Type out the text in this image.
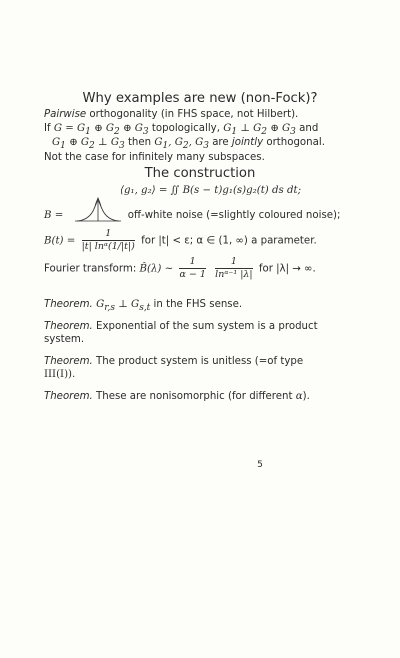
Why examples are new (non-Fock)?
Pairwise orthogonality (in FHS space, not Hilbert).
If $G = G_1$ ⊕ $G_2$ ⊕ $G_3$ topologically, $G_1$ ⊥ $G_2$ ⊕ $G_3$ and
$G_1$ ⊕ $G_2$ ⊥ $G_3$ then $G_1$, $G_2$, $G_3$ are jointly orthogonal.
Not the case for infinitely many subspaces.
The construction
⟨g₁, g₂⟩ = ∬ B(s − t)g₁(s)g₂(t) ds dt;
B =	off-white noise (=slightly coloured noise);
$B(t) = \frac{1}{\text{|t| lnᵅ(1/|t|)}}$ for |t| < ε; α ∈ (1, ∞) a parameter.
Fourier transform: B̂(λ) ∼ $\frac{1}{\alpha - 1}$
$\frac{1}{\text{lnᵅ⁻¹ |λ|}}$ for |λ| → ∞.
Theorem. $G_{r,s}$ ⊥ $G_{s,t}$ in the FHS sense.
Theorem. Exponential of the sum system is a product
system.
Theorem. The product system is unitless (=of type
III(I)).
Theorem. These are nonisomorphic (for different α).
5
